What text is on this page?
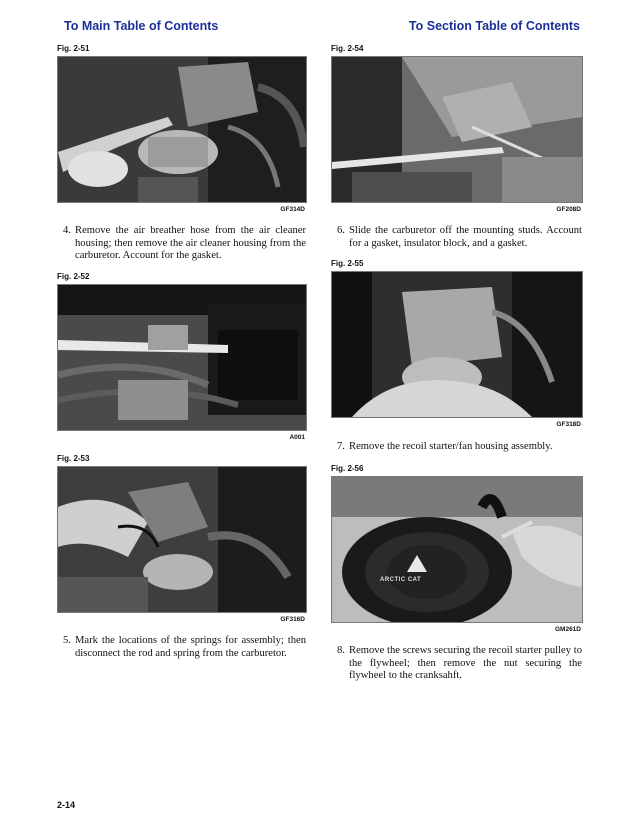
To Main Table of Contents	To Section Table of Contents
Fig. 2-51
GF314D
4. Remove the air breather hose from the air cleaner housing; then remove the air cleaner housing from the carburetor. Account for the gasket.
Fig. 2-52
A001
Fig. 2-53
GF316D
5. Mark the locations of the springs for assembly; then disconnect the rod and spring from the carburetor.
Fig. 2-54
GF208D
6. Slide the carburetor off the mounting studs. Account for a gasket, insulator block, and a gasket.
Fig. 2-55
GF318D
7. Remove the recoil starter/fan housing assembly.
Fig. 2-56
ARCTIC CAT
GM261D
8. Remove the screws securing the recoil starter pulley to the flywheel; then remove the nut securing the flywheel to the cranksahft.
2-14
